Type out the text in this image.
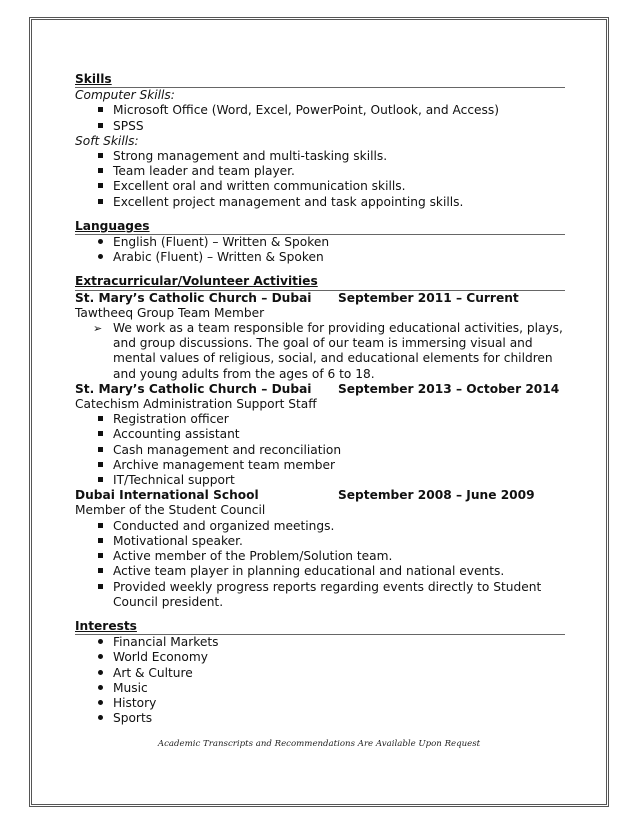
Skills
Computer Skills:
Microsoft Office (Word, Excel, PowerPoint, Outlook, and Access)
SPSS
Soft Skills:
Strong management and multi-tasking skills.
Team leader and team player.
Excellent oral and written communication skills.
Excellent project management and task appointing skills.
Languages
English (Fluent) – Written & Spoken
Arabic (Fluent) – Written & Spoken
Extracurricular/Volunteer Activities
St. Mary’s Catholic Church – Dubai	September 2011 – Current
Tawtheeq Group Team Member
➢ We work as a team responsible for providing educational activities, plays, and group discussions. The goal of our team is immersing visual and mental values of religious, social, and educational elements for children and young adults from the ages of 6 to 18.
St. Mary’s Catholic Church – Dubai	September 2013 – October 2014
Catechism Administration Support Staff
Registration officer
Accounting assistant
Cash management and reconciliation
Archive management team member
IT/Technical support
Dubai International School	September 2008 – June 2009
Member of the Student Council
Conducted and organized meetings.
Motivational speaker.
Active member of the Problem/Solution team.
Active team player in planning educational and national events.
Provided weekly progress reports regarding events directly to Student Council president.
Interests
Financial Markets
World Economy
Art & Culture
Music
History
Sports
Academic Transcripts and Recommendations Are Available Upon Request
